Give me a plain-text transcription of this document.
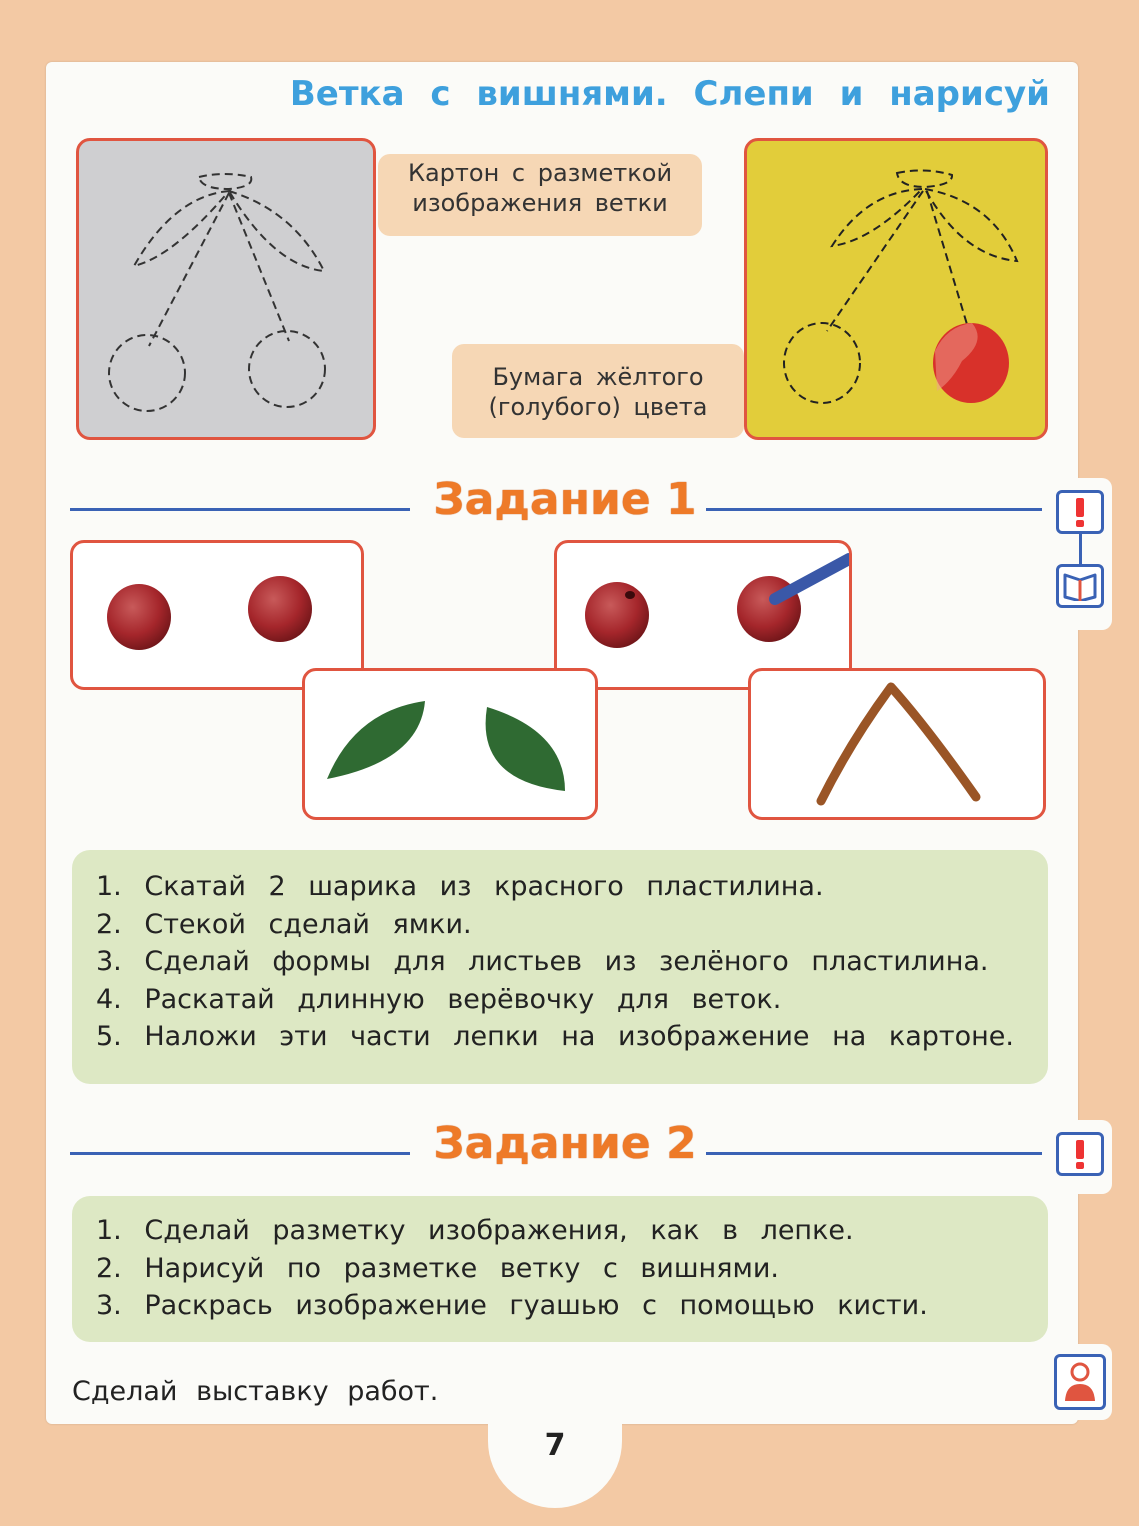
7
Ветка с вишнями. Слепи и нарисуй
Картон с разметкой
изображения ветки
Бумага жёлтого
(голубого) цвета
Задание 1
1. Скатай 2 шарика из красного пластилина.
2. Стекой сделай ямки.
3. Сделай формы для листьев из зелёного пластилина.
4. Раскатай длинную верёвочку для веток.
5. Наложи эти части лепки на изображение на картоне.
Задание 2
1. Сделай разметку изображения, как в лепке.
2. Нарисуй по разметке ветку с вишнями.
3. Раскрась изображение гуашью с помощью кисти.
Сделай выставку работ.
